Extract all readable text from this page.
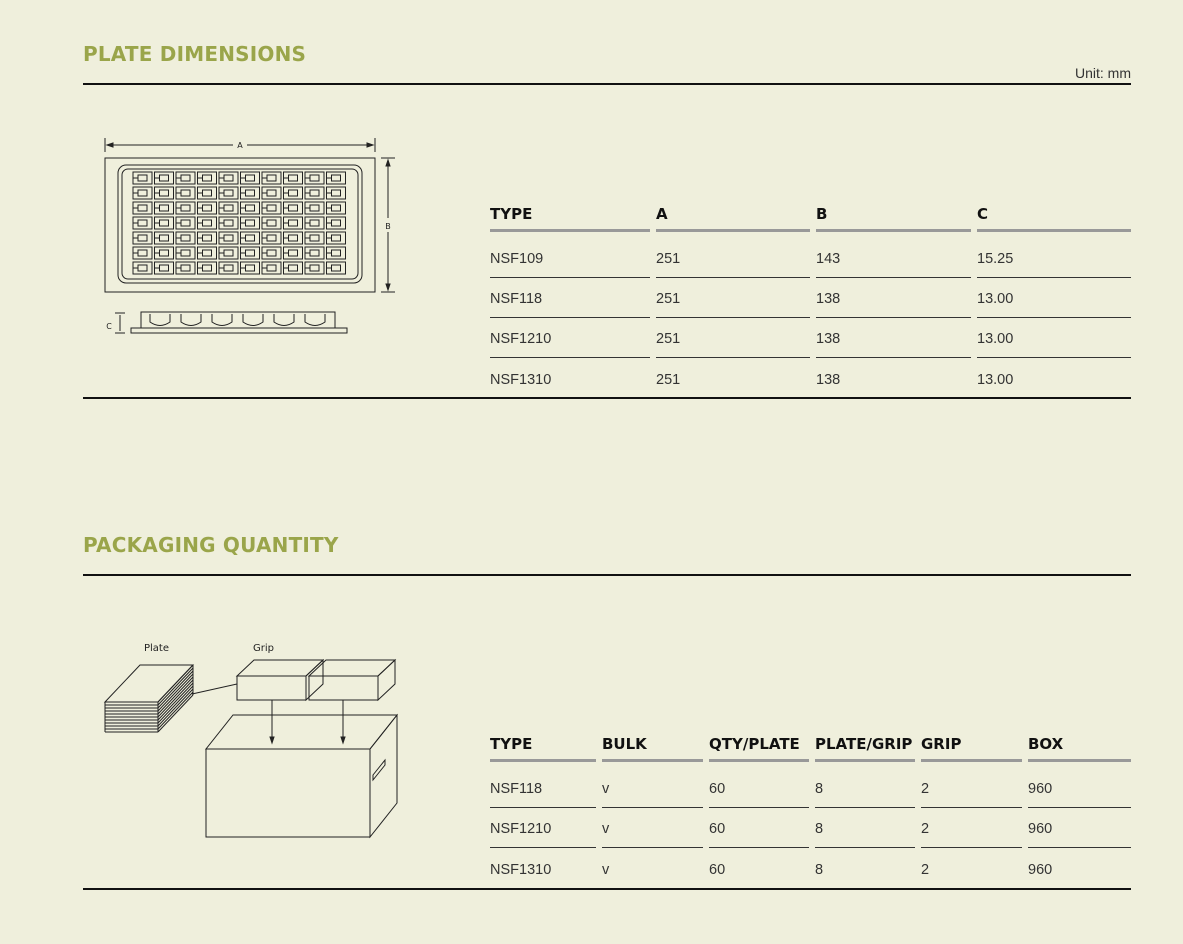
PLATE DIMENSIONS
Unit: mm
A
B
C
TYPE	A	B	C

NSF109	251	143	15.25

NSF118	251	138	13.00

NSF1210	251	138	13.00

NSF1310	251	138	13.00
PACKAGING QUANTITY
Plate	Grip
TYPE	BULK	QTY/PLATE	PLATE/GRIP	GRIP	BOX

NSF118	v	60	8	2	960

NSF1210	v	60	8	2	960

NSF1310	v	60	8	2	960
